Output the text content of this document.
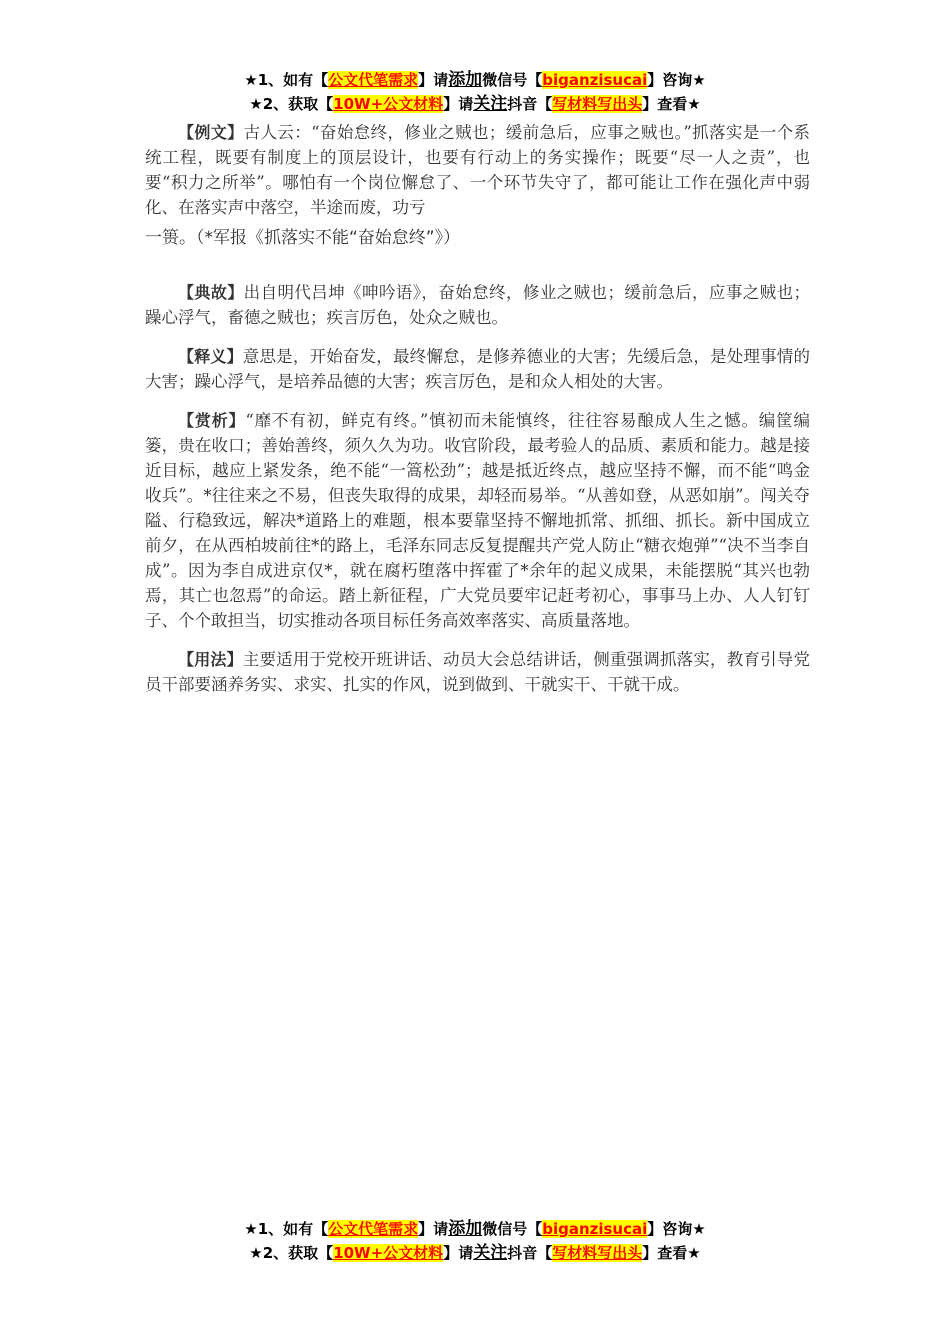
★1、如有【公文代笔需求】请添加微信号【biganzisucai】咨询★
★2、获取【10W+公文材料】请关注抖音【写材料写出头】查看★

【例文】古人云：“奋始怠终，修业之贼也；缓前急后，应事之贼也。”抓落实是一个系统工程，既要有制度上的顶层设计，也要有行动上的务实操作；既要“尽一人之责”，也要“积力之所举”。哪怕有一个岗位懈怠了、一个环节失守了，都可能让工作在强化声中弱化、在落实声中落空，半途而废，功亏

一篑。（*军报《抓落实不能“奋始怠终”》）

【典故】出自明代吕坤《呻吟语》，奋始怠终，修业之贼也；缓前急后，应事之贼也；躁心浮气，畜德之贼也；疾言厉色，处众之贼也。

【释义】意思是，开始奋发，最终懈怠，是修养德业的大害；先缓后急，是处理事情的大害；躁心浮气，是培养品德的大害；疾言厉色，是和众人相处的大害。

【赏析】“靡不有初，鲜克有终。”慎初而未能慎终，往往容易酿成人生之憾。编筐编篓，贵在收口；善始善终，须久久为功。收官阶段，最考验人的品质、素质和能力。越是接近目标，越应上紧发条，绝不能“一篙松劲”；越是抵近终点，越应坚持不懈，而不能“鸣金收兵”。*往往来之不易，但丧失取得的成果，却轻而易举。“从善如登，从恶如崩”。闯关夺隘、行稳致远，解决*道路上的难题，根本要靠坚持不懈地抓常、抓细、抓长。新中国成立前夕，在从西柏坡前往*的路上，毛泽东同志反复提醒共产党人防止“糖衣炮弹”“决不当李自成”。因为李自成进京仅*，就在腐朽堕落中挥霍了*余年的起义成果，未能摆脱“其兴也勃焉，其亡也忽焉”的命运。踏上新征程，广大党员要牢记赶考初心，事事马上办、人人钉钉子、个个敢担当，切实推动各项目标任务高效率落实、高质量落地。

【用法】主要适用于党校开班讲话、动员大会总结讲话，侧重强调抓落实，教育引导党员干部要涵养务实、求实、扎实的作风，说到做到、干就实干、干就干成。

★1、如有【公文代笔需求】请添加微信号【biganzisucai】咨询★
★2、获取【10W+公文材料】请关注抖音【写材料写出头】查看★
